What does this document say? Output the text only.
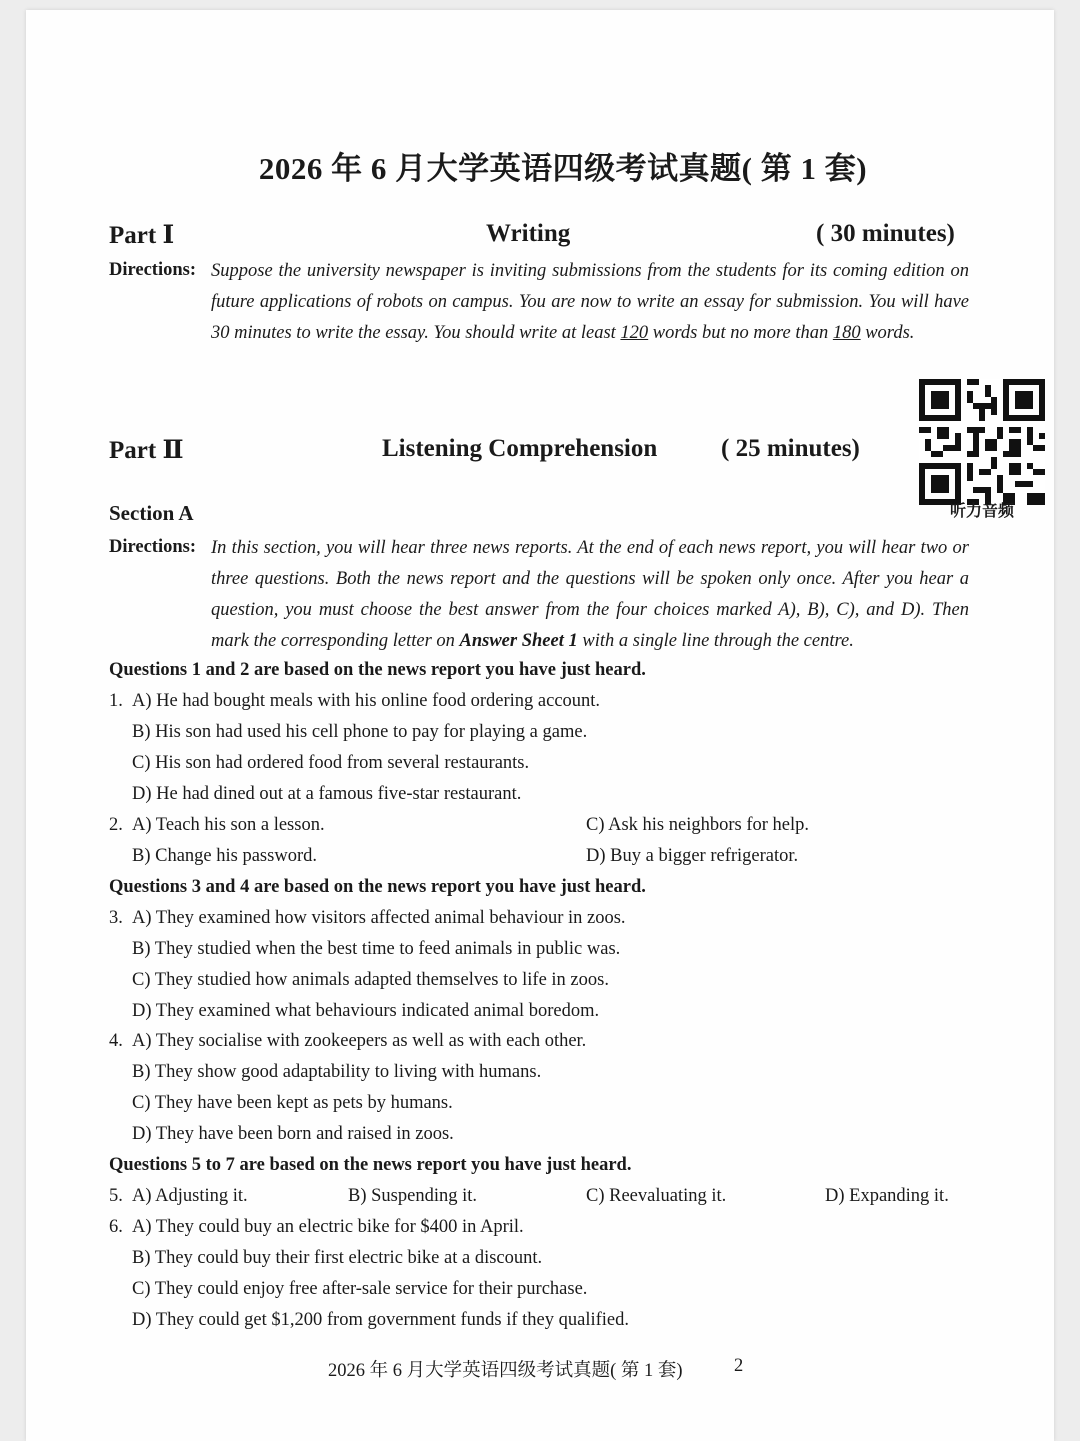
2026 年 6 月大学英语四级考试真题( 第 1 套)
Part Ⅰ	Writing	( 30 minutes)
Directions: Suppose the university newspaper is inviting submissions from the students for its coming edition on future applications of robots on campus. You are now to write an essay for submission. You will have 30 minutes to write the essay. You should write at least 120 words but no more than 180 words.
听力音频
Part Ⅱ	Listening Comprehension	( 25 minutes)
Section A
Directions: In this section, you will hear three news reports. At the end of each news report, you will hear two or three questions. Both the news report and the questions will be spoken only once. After you hear a question, you must choose the best answer from the four choices marked A), B), C), and D). Then mark the corresponding letter on Answer Sheet 1 with a single line through the centre.
Questions 1 and 2 are based on the news report you have just heard.
1. A) He had bought meals with his online food ordering account.
B) His son had used his cell phone to pay for playing a game.
C) His son had ordered food from several restaurants.
D) He had dined out at a famous five-star restaurant.
2. A) Teach his son a lesson.	C) Ask his neighbors for help.
B) Change his password.	D) Buy a bigger refrigerator.
Questions 3 and 4 are based on the news report you have just heard.
3. A) They examined how visitors affected animal behaviour in zoos.
B) They studied when the best time to feed animals in public was.
C) They studied how animals adapted themselves to life in zoos.
D) They examined what behaviours indicated animal boredom.
4. A) They socialise with zookeepers as well as with each other.
B) They show good adaptability to living with humans.
C) They have been kept as pets by humans.
D) They have been born and raised in zoos.
Questions 5 to 7 are based on the news report you have just heard.
5. A) Adjusting it.	B) Suspending it.	C) Reevaluating it.	D) Expanding it.
6. A) They could buy an electric bike for $400 in April.
B) They could buy their first electric bike at a discount.
C) They could enjoy free after-sale service for their purchase.
D) They could get $1,200 from government funds if they qualified.
2026 年 6 月大学英语四级考试真题( 第 1 套)	2
